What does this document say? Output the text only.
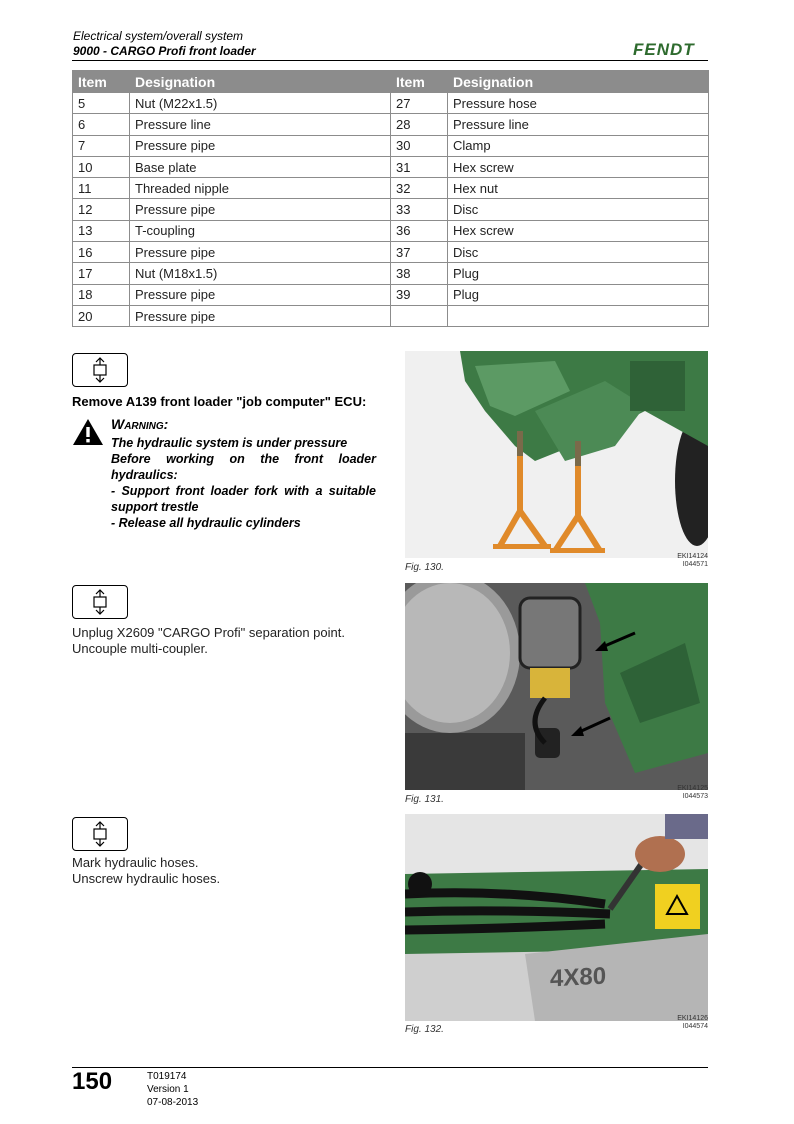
Electrical system/overall system
9000 - CARGO Profi front loader	FENDT
Item	Designation	Item	Designation
5	Nut (M22x1.5)	27	Pressure hose
6	Pressure line	28	Pressure line
7	Pressure pipe	30	Clamp
10	Base plate	31	Hex screw
11	Threaded nipple	32	Hex nut
12	Pressure pipe	33	Disc
13	T-coupling	36	Hex screw
16	Pressure pipe	37	Disc
17	Nut (M18x1.5)	38	Plug
18	Pressure pipe	39	Plug
20	Pressure pipe		
Remove A139 front loader "job computer" ECU:
Warning:
The hydraulic system is under pressure
Before working on the front loader hydraulics:
- Support front loader fork with a suitable support trestle
- Release all hydraulic cylinders
Fig. 130.
EKI14124
I044571
Unplug X2609 "CARGO Profi" separation point.
Uncouple multi-coupler.
Fig. 131.
EKI14125
I044573
Mark hydraulic hoses.
Unscrew hydraulic hoses.
4X80
Fig. 132.
EKI14126
I044574
150	T019174
Version 1
07-08-2013
